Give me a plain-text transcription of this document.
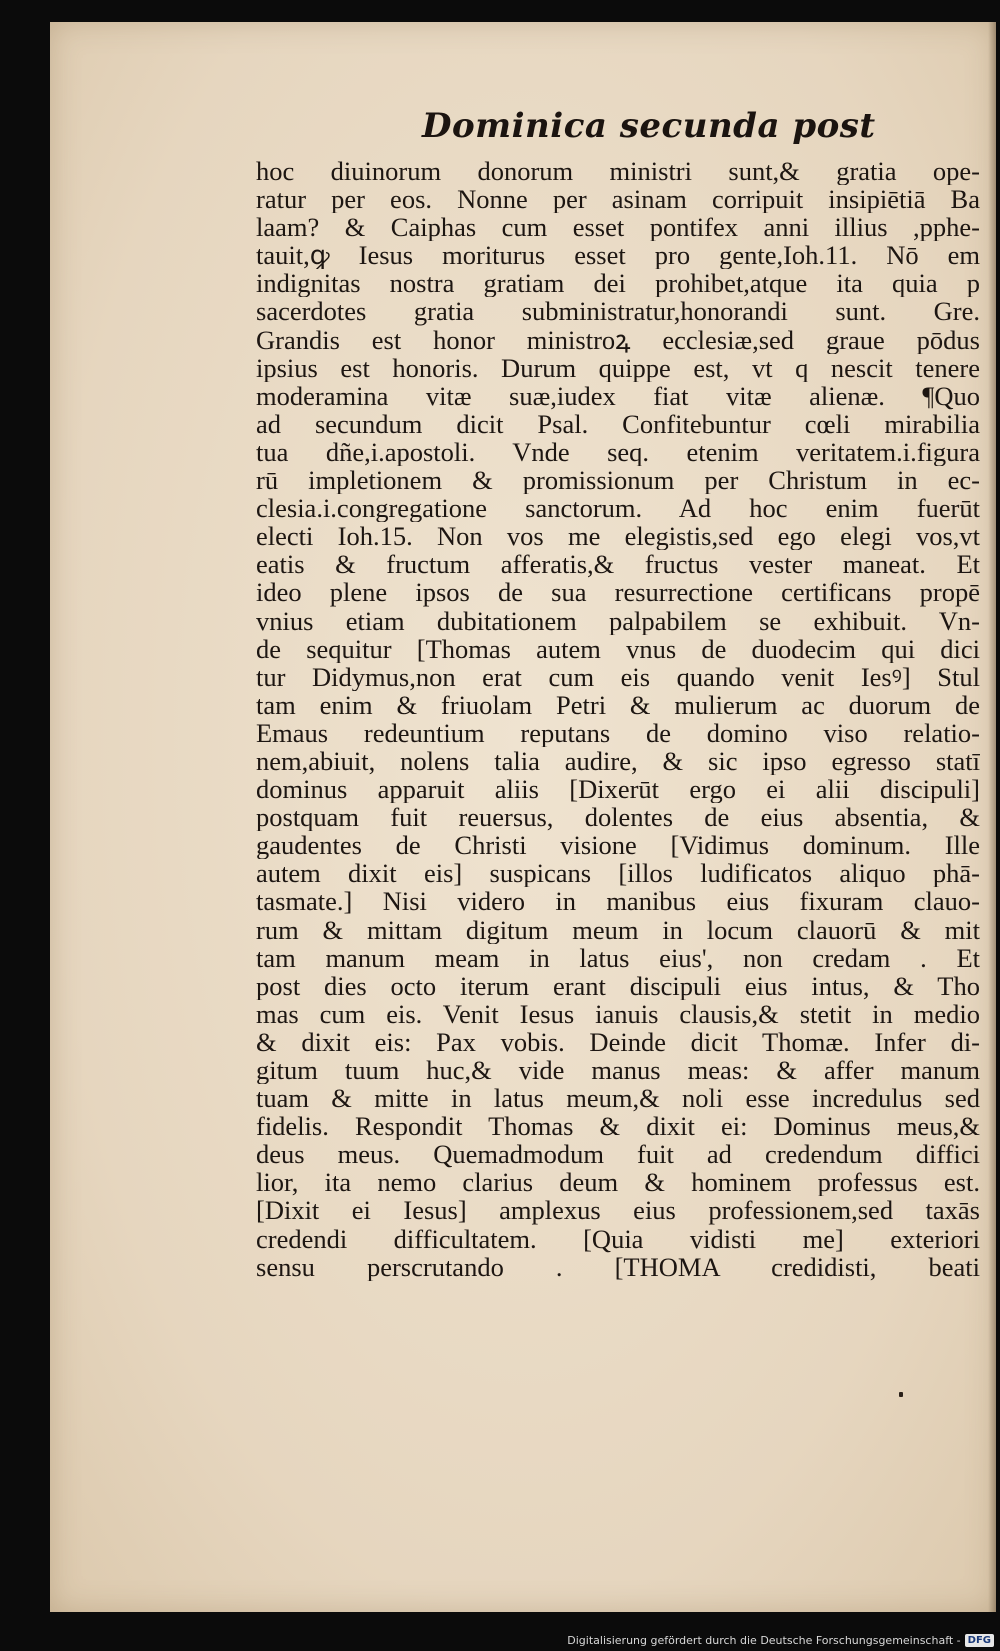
Dominica secunda post
hoc diuinorum donorum ministri sunt,& gratia ope-
ratur per eos. Nonne per asinam corripuit insipiētiā Ba
laam? & Caiphas cum esset pontifex anni illius ,pphe-
tauit,ꝙ Iesus moriturus esset pro gente,Ioh.11. Nō em
indignitas nostra gratiam dei prohibet,atque ita quia p
sacerdotes gratia subministratur,honorandi sunt. Gre.
Grandis est honor ministroꝝ ecclesiæ,sed graue pōdus
ipsius est honoris. Durum quippe est, vt q nescit tenere
moderamina vitæ suæ,iudex fiat vitæ alienæ. ¶Quo
ad secundum dicit Psal. Confitebuntur cœli mirabilia
tua dñe,i.apostoli. Vnde seq. etenim veritatem.i.figura
rū impletionem & promissionum per Christum in ec-
clesia.i.congregatione sanctorum. Ad hoc enim fuerūt
electi Ioh.15. Non vos me elegistis,sed ego elegi vos,vt
eatis & fructum afferatis,& fructus vester maneat. Et
ideo plene ipsos de sua resurrectione certificans propē
vnius etiam dubitationem palpabilem se exhibuit. Vn-
de sequitur [Thomas autem vnus de duodecim qui dici
tur Didymus,non erat cum eis quando venit Iesꝰ] Stul
tam enim & friuolam Petri & mulierum ac duorum de
Emaus redeuntium reputans de domino viso relatio-
nem,abiuit, nolens talia audire, & sic ipso egresso statī
dominus apparuit aliis [Dixerūt ergo ei alii discipuli]
postquam fuit reuersus, dolentes de eius absentia, &
gaudentes de Christi visione [Vidimus dominum. Ille
autem dixit eis] suspicans [illos ludificatos aliquo phā-
tasmate.] Nisi videro in manibus eius fixuram clauo-
rum & mittam digitum meum in locum clauorū & mit
tam manum meam in latus eius', non credam . Et
post dies octo iterum erant discipuli eius intus, & Tho
mas cum eis. Venit Iesus ianuis clausis,& stetit in medio
& dixit eis: Pax vobis. Deinde dicit Thomæ. Infer di-
gitum tuum huc,& vide manus meas: & affer manum
tuam & mitte in latus meum,& noli esse incredulus sed
fidelis. Respondit Thomas & dixit ei: Dominus meus,&
deus meus. Quemadmodum fuit ad credendum diffici
lior, ita nemo clarius deum & hominem professus est.
[Dixit ei Iesus] amplexus eius professionem,sed taxās
credendi difficultatem. [Quia vidisti me] exteriori
sensu perscrutando . [THOMA credidisti, beati
Digitalisierung gefördert durch die Deutsche Forschungsgemeinschaft - DFG
